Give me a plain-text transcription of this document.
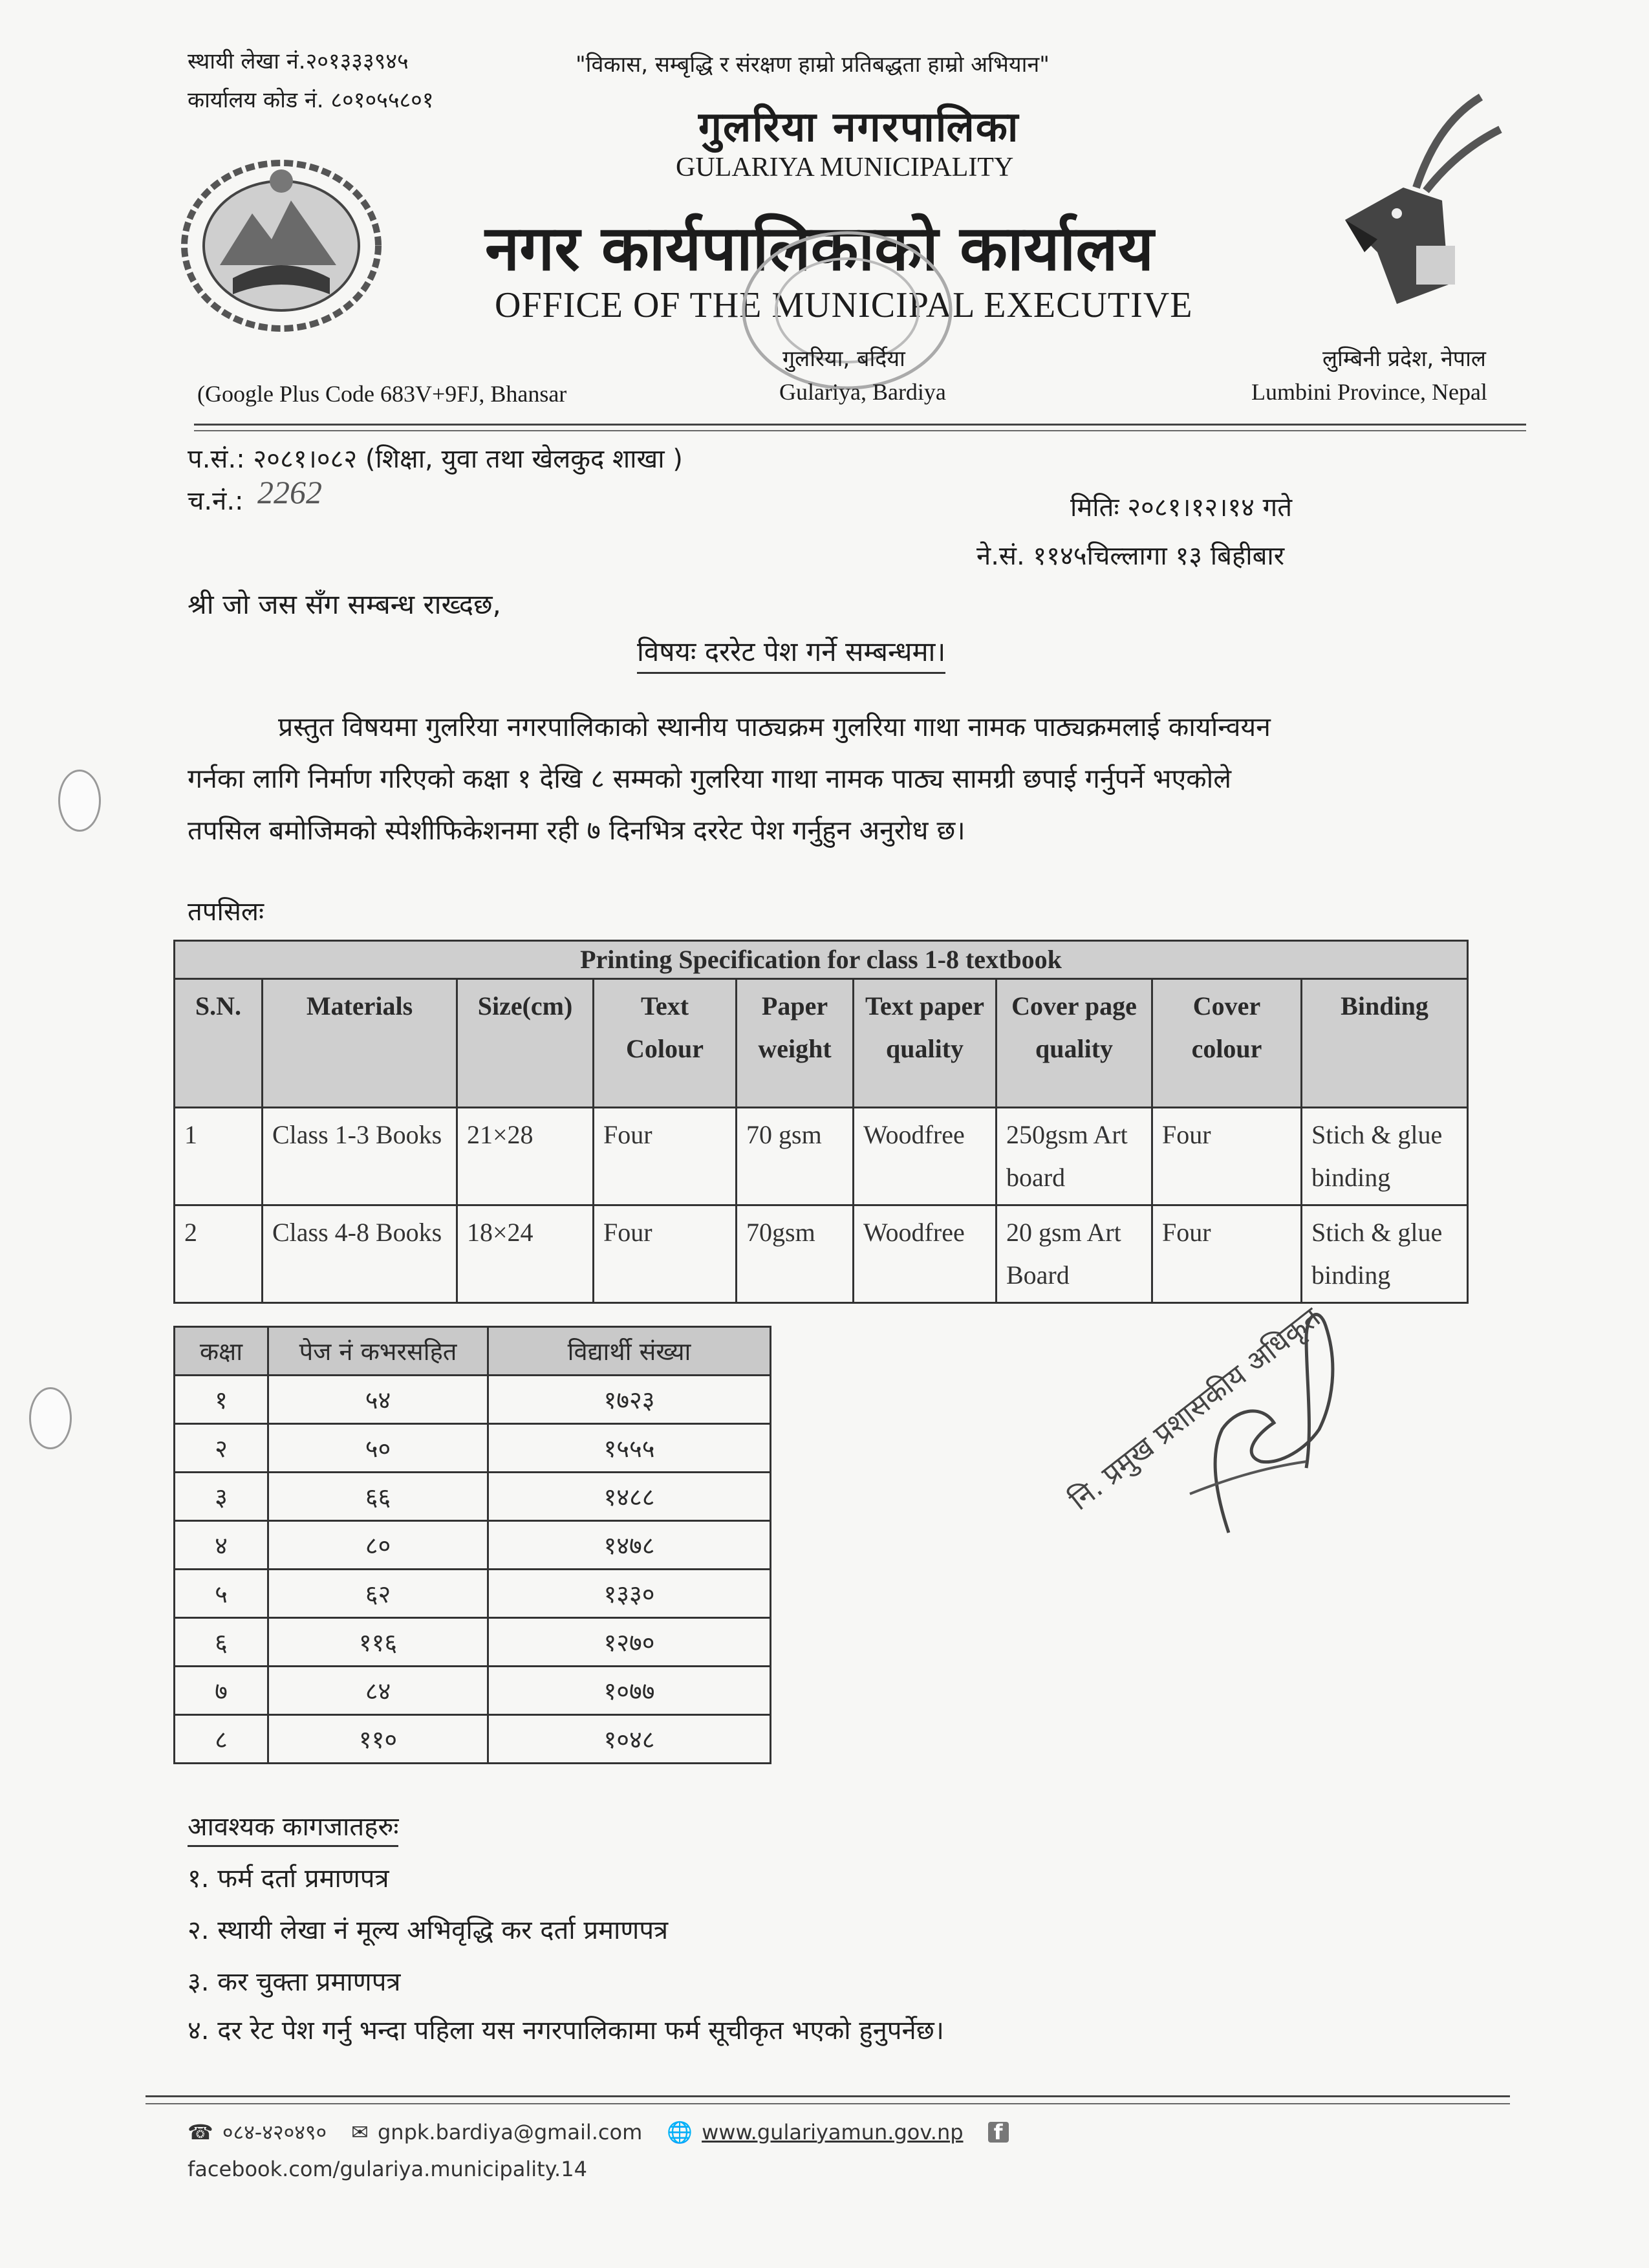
स्थायी लेखा नं.२०१३३३९४५
कार्यालय कोड नं. ८०१०५५८०१
"विकास, सम्बृद्धि र संरक्षण हाम्रो प्रतिबद्धता हाम्रो अभियान"
गुलरिया नगरपालिका
GULARIYA MUNICIPALITY
नगर कार्यपालिकाको कार्यालय
OFFICE OF THE MUNICIPAL EXECUTIVE
गुलरिया, बर्दिया
Gulariya, Bardiya
(Google Plus Code 683V+9FJ, Bhansar
लुम्बिनी प्रदेश, नेपाल
Lumbini Province, Nepal
प.सं.: २०८१।०८२ (शिक्षा, युवा तथा खेलकुद शाखा )
च.नं.: 2262	मितिः २०८१।१२।१४ गते
ने.सं. ११४५चिल्लागा १३ बिहीबार
श्री जो जस सँग सम्बन्ध राख्दछ,
विषयः दररेट पेश गर्ने सम्बन्धमा।
प्रस्तुत विषयमा गुलरिया नगरपालिकाको स्थानीय पाठ्यक्रम गुलरिया गाथा नामक पाठ्यक्रमलाई कार्यान्वयन
गर्नका लागि निर्माण गरिएको कक्षा १ देखि ८ सम्मको गुलरिया गाथा नामक पाठ्य सामग्री छपाई गर्नुपर्ने भएकोले
तपसिल बमोजिमको स्पेशीफिकेशनमा रही ७ दिनभित्र दररेट पेश गर्नुहुन अनुरोध छ।
तपसिलः
Printing Specification for class 1-8 textbook								
S.N.	Materials	Size(cm)	Text Colour	Paper weight	Text paper quality	Cover page quality	Cover colour	Binding
1	Class 1-3 Books	21×28	Four	70 gsm	Woodfree	250gsm Art board	Four	Stich & glue binding
2	Class 4-8 Books	18×24	Four	70gsm	Woodfree	20 gsm Art Board	Four	Stich & glue binding
कक्षा	पेज नं कभरसहित	विद्यार्थी संख्या
१	५४	१७२३
२	५०	१५५५
३	६६	१४८८
४	८०	१४७८
५	६२	१३३०
६	११६	१२७०
७	८४	१०७७
८	११०	१०४८
नि. प्रमुख प्रशासकीय अधिकृत
आवश्यक कागजातहरुः
१. फर्म दर्ता प्रमाणपत्र
२. स्थायी लेखा नं मूल्य अभिवृद्धि कर दर्ता प्रमाणपत्र
३. कर चुक्ता प्रमाणपत्र
४. दर रेट पेश गर्नु भन्दा पहिला यस नगरपालिकामा फर्म सूचीकृत भएको हुनुपर्नेछ।
☎ ०८४-४२०४९० ✉ gnpk.bardiya@gmail.com 🌐 www.gulariyamun.gov.np f
facebook.com/gulariya.municipality.14
